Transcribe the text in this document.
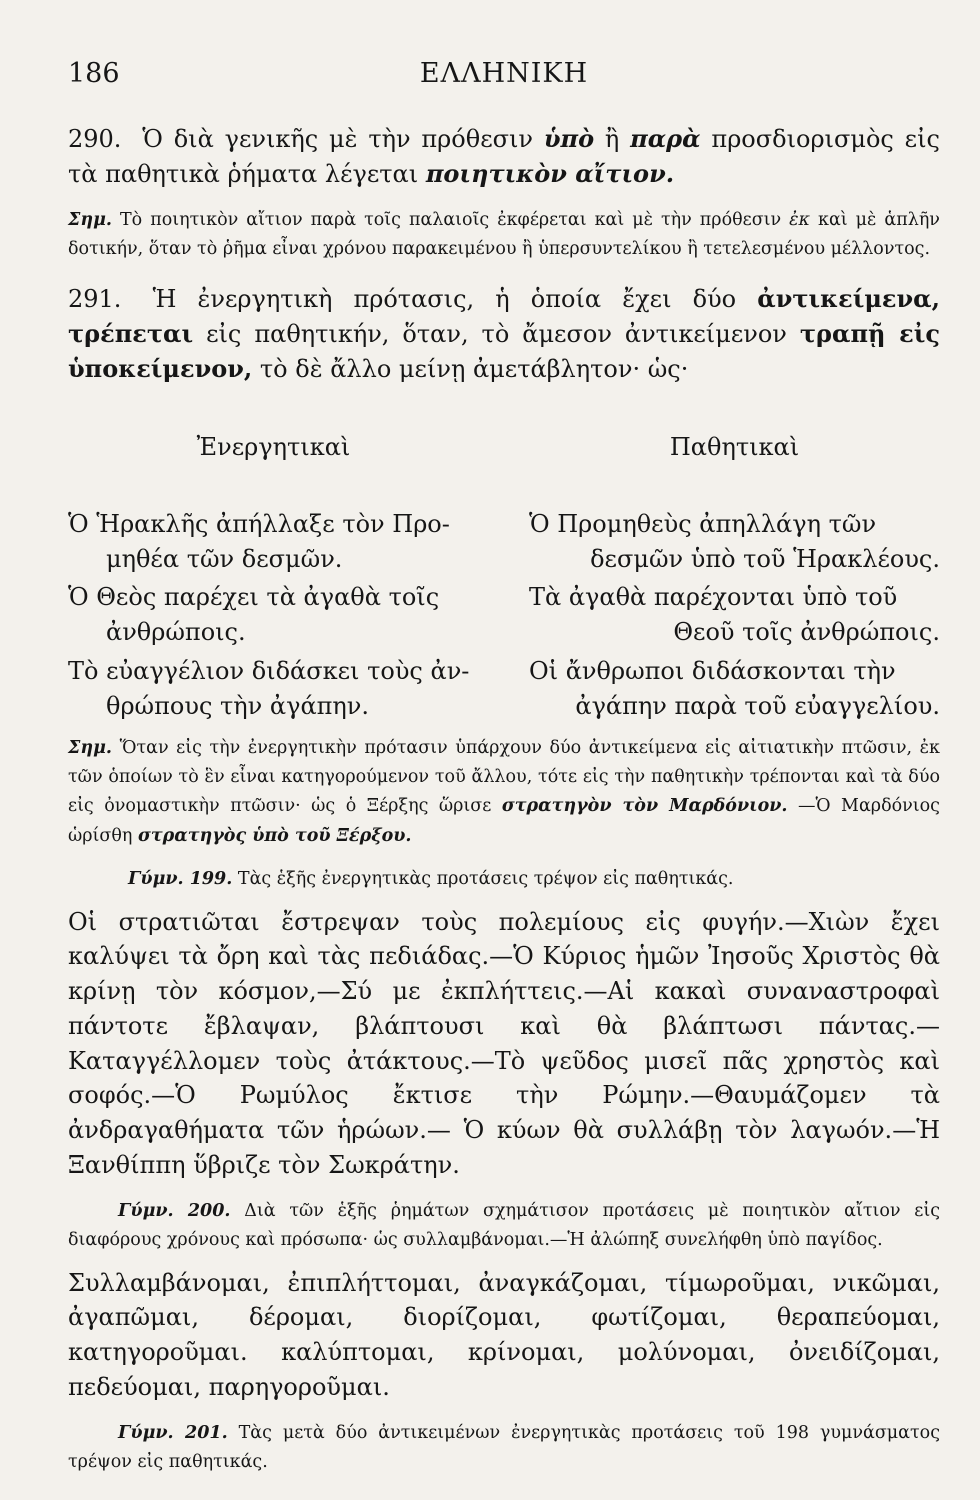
186	ΕΛΛΗΝΙΚΗ

290. Ὁ διὰ γενικῆς μὲ τὴν πρόθεσιν ὑπὸ ἢ παρὰ προσδιορισμὸς εἰς τὰ παθητικὰ ῥήματα λέγεται ποιητικὸν αἴτιον.

Σημ. Τὸ ποιητικὸν αἴτιον παρὰ τοῖς παλαιοῖς ἐκφέρεται καὶ μὲ τὴν πρόθεσιν ἐκ καὶ μὲ ἁπλῆν δοτικήν, ὅταν τὸ ῥῆμα εἶναι χρόνου παρακειμένου ἢ ὑπερσυντελίκου ἢ τετελεσμένου μέλλοντος.

291. Ἡ ἐνεργητικὴ πρότασις, ἡ ὁποία ἔχει δύο ἀντικείμενα, τρέπεται εἰς παθητικήν, ὅταν, τὸ ἄμεσον ἀντικείμενον τραπῇ εἰς ὑποκείμενον, τὸ δὲ ἄλλο μείνῃ ἀμετάβλητον· ὡς·

Ἐνεργητικαὶ
Ὁ Ἡρακλῆς ἀπήλλαξε τὸν Προ-
μηθέα τῶν δεσμῶν.
Ὁ Θεὸς παρέχει τὰ ἀγαθὰ τοῖς
ἀνθρώποις.
Τὸ εὐαγγέλιον διδάσκει τοὺς ἀν-
θρώπους τὴν ἀγάπην.
Παθητικαὶ
Ὁ Προμηθεὺς ἀπηλλάγη τῶν
δεσμῶν ὑπὸ τοῦ Ἡρακλέους.
Τὰ ἀγαθὰ παρέχονται ὑπὸ τοῦ
Θεοῦ τοῖς ἀνθρώποις.
Οἱ ἄνθρωποι διδάσκονται τὴν
ἀγάπην παρὰ τοῦ εὐαγγελίου.

Σημ. Ὅταν εἰς τὴν ἐνεργητικὴν πρότασιν ὑπάρχουν δύο ἀντικείμενα εἰς αἰτιατικὴν πτῶσιν, ἐκ τῶν ὁποίων τὸ ἓν εἶναι κατηγορούμενον τοῦ ἄλλου, τότε εἰς τὴν παθητικὴν τρέπονται καὶ τὰ δύο εἰς ὀνομαστικὴν πτῶσιν· ὡς ὁ Ξέρξης ὥρισε στρατηγὸν τὸν Μαρδόνιον. —Ὁ Μαρδόνιος ὡρίσθη στρατηγὸς ὑπὸ τοῦ Ξέρξου.

Γύμν. 199. Τὰς ἑξῆς ἐνεργητικὰς προτάσεις τρέψον εἰς παθητικάς.

Οἱ στρατιῶται ἔστρεψαν τοὺς πολεμίους εἰς φυγήν.—Χιὼν ἔχει καλύψει τὰ ὄρη καὶ τὰς πεδιάδας.—Ὁ Κύριος ἡμῶν Ἰησοῦς Χριστὸς θὰ κρίνῃ τὸν κόσμον,—Σύ με ἐκπλήττεις.—Αἱ κακαὶ συναναστροφαὶ πάντοτε ἔβλαψαν, βλάπτουσι καὶ θὰ βλάπτωσι πάντας.—Καταγγέλλομεν τοὺς ἀτάκτους.—Τὸ ψεῦδος μισεῖ πᾶς χρηστὸς καὶ σοφός.—Ὁ Ρωμύλος ἔκτισε τὴν Ρώμην.—Θαυμάζομεν τὰ ἀνδραγαθήματα τῶν ἡρώων.— Ὁ κύων θὰ συλλάβῃ τὸν λαγωόν.—Ἡ Ξανθίππη ὕβριζε τὸν Σωκράτην.

Γύμν. 200. Διὰ τῶν ἑξῆς ῥημάτων σχημάτισον προτάσεις μὲ ποιητικὸν αἴτιον εἰς διαφόρους χρόνους καὶ πρόσωπα· ὡς συλλαμβάνομαι.—Ἡ ἀλώπηξ συνελήφθη ὑπὸ παγίδος.

Συλλαμβάνομαι, ἐπιπλήττομαι, ἀναγκάζομαι, τίμωροῦμαι, νικῶμαι, ἀγαπῶμαι, δέρομαι, διορίζομαι, φωτίζομαι, θεραπεύομαι, κατηγοροῦμαι. καλύπτομαι, κρίνομαι, μολύνομαι, ὀνειδίζομαι, πεδεύομαι, παρηγοροῦμαι.

Γύμν. 201. Τὰς μετὰ δύο ἀντικειμένων ἐνεργητικὰς προτάσεις τοῦ 198 γυμνάσματος τρέψον εἰς παθητικάς.
